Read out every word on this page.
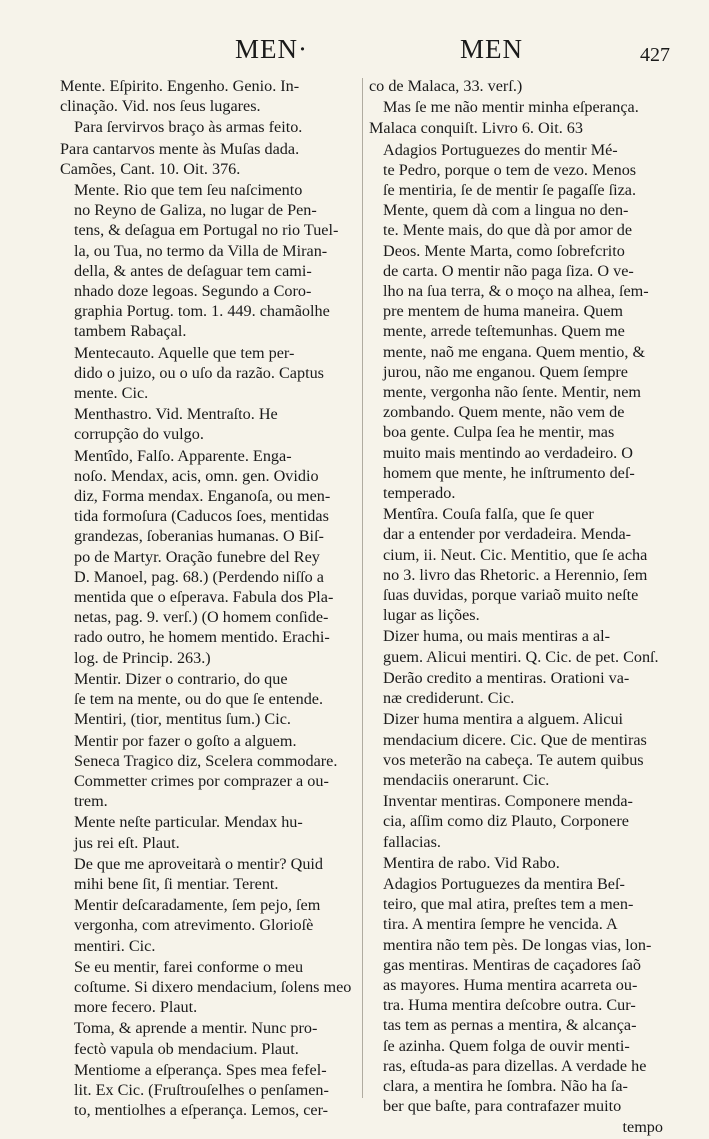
MEN·	MEN	427

Mente. Eſpirito. Engenho. Genio. In-
clinação. Vid. nos ſeus lugares.

Para ſervirvos braço às armas feito.

Para cantarvos mente às Muſas dada.
Camões, Cant. 10. Oit. 376.

Mente. Rio que tem ſeu naſcimento
no Reyno de Galiza, no lugar de Pen-
tens, & deſagua em Portugal no rio Tuel-
la, ou Tua, no termo da Villa de Miran-
della, & antes de deſaguar tem cami-
nhado doze legoas. Segundo a Coro-
graphia Portug. tom. 1. 449. chamãolhe
tambem Rabaçal.

Mentecauto. Aquelle que tem per-
dido o juizo, ou o uſo da razão. Captus
mente. Cic.

Menthastro. Vid. Mentraſto. He
corrupção do vulgo.

Mentîdo, Falſo. Apparente. Enga-
noſo. Mendax, acis, omn. gen. Ovidio
diz, Forma mendax. Enganoſa, ou men-
tida formoſura (Caducos ſoes, mentidas
grandezas, ſoberanias humanas. O Biſ-
po de Martyr. Oração funebre del Rey
D. Manoel, pag. 68.) (Perdendo niſſo a
mentida que o eſperava. Fabula dos Pla-
netas, pag. 9. verſ.) (O homem conſide-
rado outro, he homem mentido. Erachi-
log. de Princip. 263.)

Mentir. Dizer o contrario, do que
ſe tem na mente, ou do que ſe entende.
Mentiri, (tior, mentitus ſum.) Cic.

Mentir por fazer o goſto a alguem.
Seneca Tragico diz, Scelera commodare.
Commetter crimes por comprazer a ou-
trem.

Mente neſte particular. Mendax hu-
jus rei eſt. Plaut.

De que me aproveitarà o mentir? Quid
mihi bene ſit, ſi mentiar. Terent.

Mentir deſcaradamente, ſem pejo, ſem
vergonha, com atrevimento. Glorioſè
mentiri. Cic.

Se eu mentir, farei conforme o meu
coſtume. Si dixero mendacium, ſolens meo
more fecero. Plaut.

Toma, & aprende a mentir. Nunc pro-
fectò vapula ob mendacium. Plaut.

Mentiome a eſperança. Spes mea fefel-
lit. Ex Cic. (Fruſtrouſelhes o penſamen-
to, mentiolhes a eſperança. Lemos, cer-

co de Malaca, 33. verſ.)

Mas ſe me não mentir minha eſperança.

Malaca conquiſt. Livro 6. Oit. 63

Adagios Portuguezes do mentir Mé-
te Pedro, porque o tem de vezo. Menos
ſe mentiria, ſe de mentir ſe pagaſſe ſiza.
Mente, quem dà com a lingua no den-
te. Mente mais, do que dà por amor de
Deos. Mente Marta, como ſobrefcrito
de carta. O mentir não paga ſiza. O ve-
lho na ſua terra, & o moço na alhea, ſem-
pre mentem de huma maneira. Quem
mente, arrede teſtemunhas. Quem me
mente, naõ me engana. Quem mentio, &
jurou, não me enganou. Quem ſempre
mente, vergonha não ſente. Mentir, nem
zombando. Quem mente, não vem de
boa gente. Culpa ſea he mentir, mas
muito mais mentindo ao verdadeiro. O
homem que mente, he inſtrumento deſ-
temperado.

Mentîra. Couſa falſa, que ſe quer
dar a entender por verdadeira. Menda-
cium, ii. Neut. Cic. Mentitio, que ſe acha
no 3. livro das Rhetoric. a Herennio, ſem
ſuas duvidas, porque variaõ muito neſte
lugar as lições.

Dizer huma, ou mais mentiras a al-
guem. Alicui mentiri. Q. Cic. de pet. Conſ.

Derão credito a mentiras. Orationi va-
næ crediderunt. Cic.

Dizer huma mentira a alguem. Alicui
mendacium dicere. Cic. Que de mentiras
vos meterão na cabeça. Te autem quibus
mendaciis onerarunt. Cic.

Inventar mentiras. Componere menda-
cia, aſſim como diz Plauto, Corponere
fallacias.

Mentira de rabo. Vid Rabo.

Adagios Portuguezes da mentira Beſ-
teiro, que mal atira, preſtes tem a men-
tira. A mentira ſempre he vencida. A
mentira não tem pès. De longas vias, lon-
gas mentiras. Mentiras de caçadores ſaõ
as mayores. Huma mentira acarreta ou-
tra. Huma mentira deſcobre outra. Cur-
tas tem as pernas a mentira, & alcança-
ſe azinha. Quem folga de ouvir menti-
ras, eſtuda-as para dizellas. A verdade he
clara, a mentira he ſombra. Não ha ſa-
ber que baſte, para contrafazer muito

tempo
